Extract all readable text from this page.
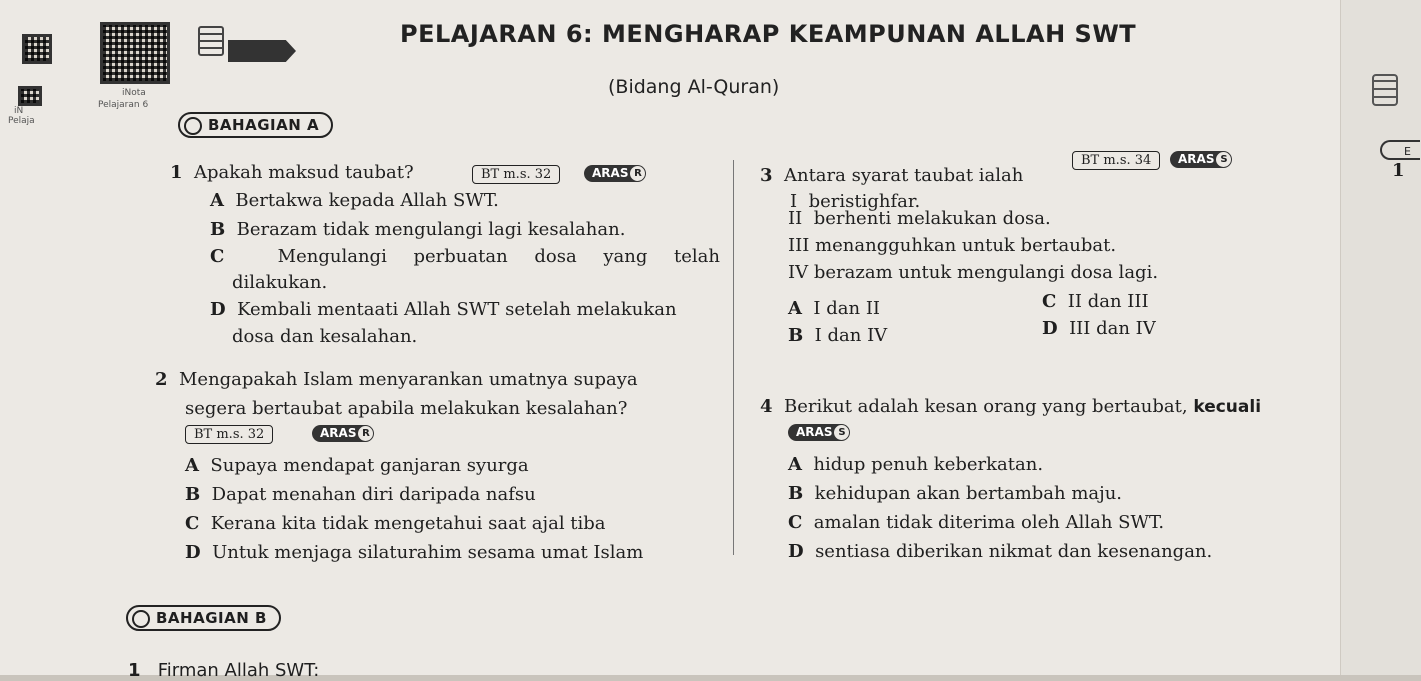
iNota
Pelajaran 6
iN
Pelaja
PELAJARAN 6: MENGHARAP KEAMPUNAN ALLAH SWT
(Bidang Al-Quran)
E
1
BAHAGIAN A
1 Apakah maksud taubat?	BT m.s. 32	ARAS R
A Bertakwa kepada Allah SWT.
B Berazam tidak mengulangi lagi kesalahan.
C	Mengulangi perbuatan dosa yang telah
dilakukan.
D Kembali mentaati Allah SWT setelah melakukan
dosa dan kesalahan.
2 Mengapakah Islam menyarankan umatnya supaya
segera bertaubat apabila melakukan kesalahan?
BT m.s. 32	ARAS R
A Supaya mendapat ganjaran syurga
B Dapat menahan diri daripada nafsu
C Kerana kita tidak mengetahui saat ajal tiba
D Untuk menjaga silaturahim sesama umat Islam
3 Antara syarat taubat ialah
BT m.s. 34	ARAS S
I beristighfar.
II berhenti melakukan dosa.
III menangguhkan untuk bertaubat.
IV berazam untuk mengulangi dosa lagi.
A I dan II
B I dan IV
C II dan III
D III dan IV
4 Berikut adalah kesan orang yang bertaubat, kecuali
ARAS S
A hidup penuh keberkatan.
B kehidupan akan bertambah maju.
C amalan tidak diterima oleh Allah SWT.
D sentiasa diberikan nikmat dan kesenangan.
BAHAGIAN B
1 Firman Allah SWT:
